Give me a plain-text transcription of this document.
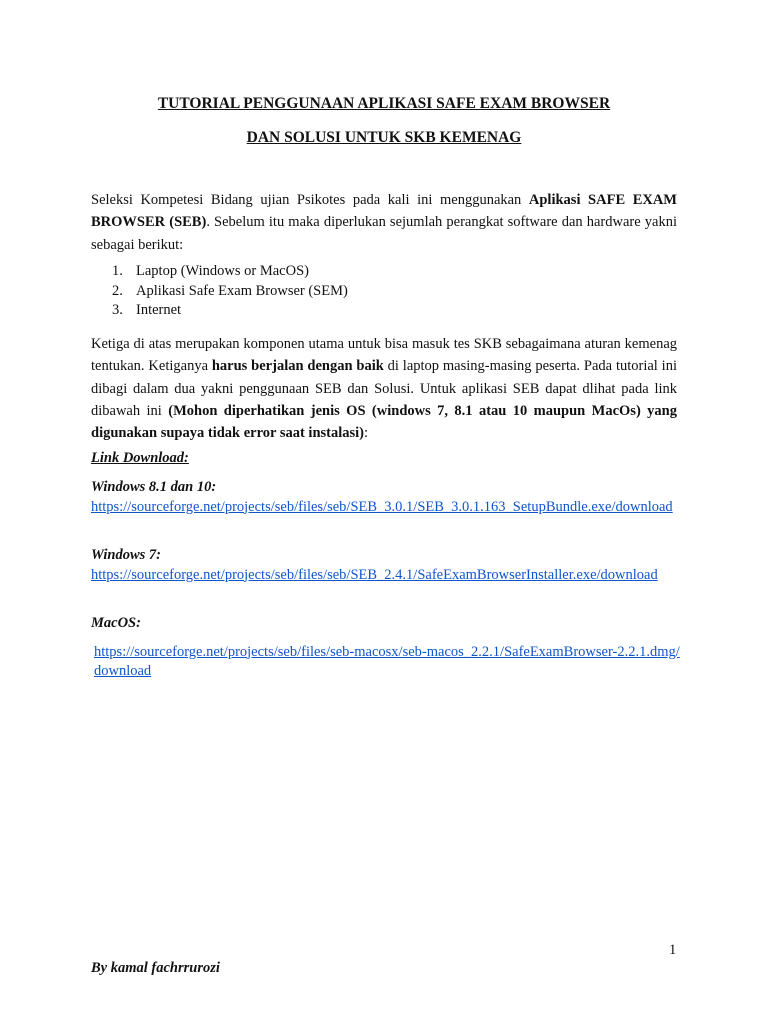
TUTORIAL PENGGUNAAN APLIKASI SAFE EXAM BROWSER
DAN SOLUSI UNTUK SKB KEMENAG

Seleksi Kompetesi Bidang ujian Psikotes pada kali ini menggunakan Aplikasi SAFE EXAM BROWSER (SEB). Sebelum itu maka diperlukan sejumlah perangkat software dan hardware yakni sebagai berikut:

1. Laptop (Windows or MacOS)
2. Aplikasi Safe Exam Browser (SEM)
3. Internet

Ketiga di atas merupakan komponen utama untuk bisa masuk tes SKB sebagaimana aturan kemenag tentukan. Ketiganya harus berjalan dengan baik di laptop masing-masing peserta. Pada tutorial ini dibagi dalam dua yakni penggunaan SEB dan Solusi. Untuk aplikasi SEB dapat dlihat pada link dibawah ini (Mohon diperhatikan jenis OS (windows 7, 8.1 atau 10 maupun MacOs) yang digunakan supaya tidak error saat instalasi):

Link Download:
Windows 8.1 dan 10:
https://sourceforge.net/projects/seb/files/seb/SEB_3.0.1/SEB_3.0.1.163_SetupBundle.exe/download
Windows 7:
https://sourceforge.net/projects/seb/files/seb/SEB_2.4.1/SafeExamBrowserInstaller.exe/download
MacOS:
https://sourceforge.net/projects/seb/files/seb-macosx/seb-macos_2.2.1/SafeExamBrowser-2.2.1.dmg/download
1
By kamal fachrrurozi
